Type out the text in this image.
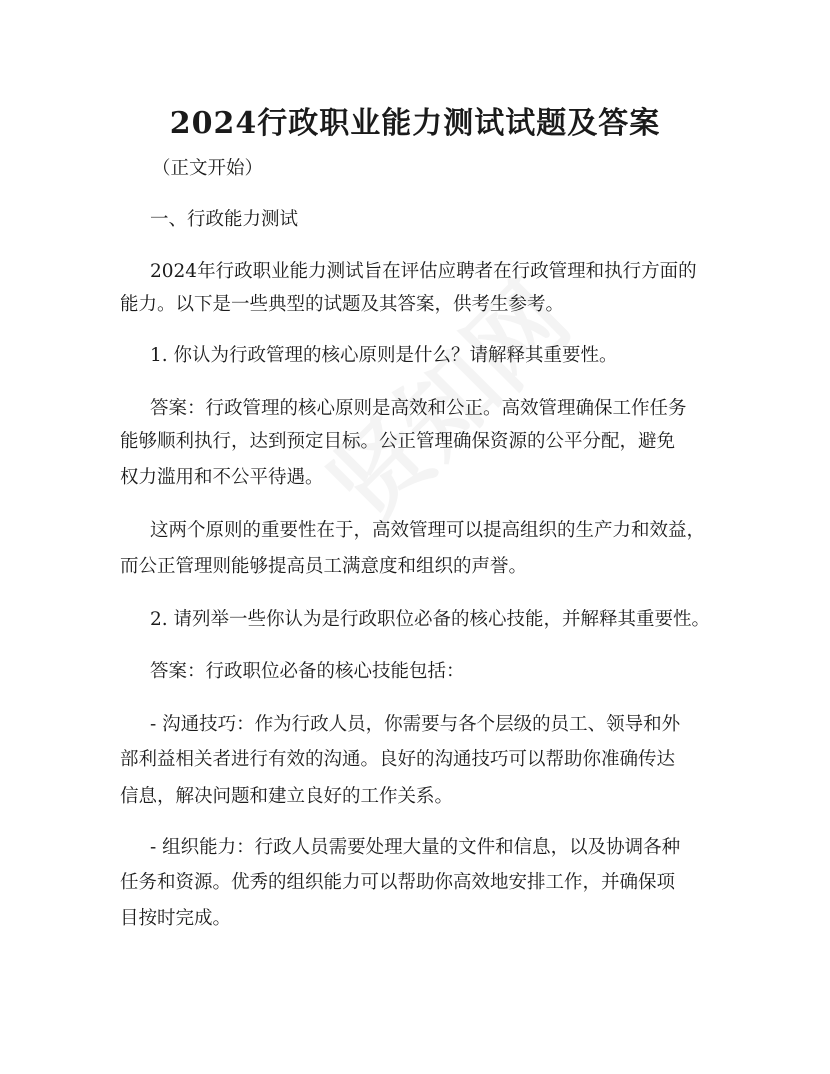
2024行政职业能力测试试题及答案

（正文开始）

一、行政能力测试

2024年行政职业能力测试旨在评估应聘者在行政管理和执行方面的

能力。以下是一些典型的试题及其答案，供考生参考。

1. 你认为行政管理的核心原则是什么？请解释其重要性。

答案：行政管理的核心原则是高效和公正。高效管理确保工作任务

能够顺利执行，达到预定目标。公正管理确保资源的公平分配，避免

权力滥用和不公平待遇。

这两个原则的重要性在于，高效管理可以提高组织的生产力和效益，

而公正管理则能够提高员工满意度和组织的声誉。

2. 请列举一些你认为是行政职位必备的核心技能，并解释其重要性。

答案：行政职位必备的核心技能包括：

- 沟通技巧：作为行政人员，你需要与各个层级的员工、领导和外

部利益相关者进行有效的沟通。良好的沟通技巧可以帮助你准确传达

信息，解决问题和建立良好的工作关系。

- 组织能力：行政人员需要处理大量的文件和信息，以及协调各种

任务和资源。优秀的组织能力可以帮助你高效地安排工作，并确保项

目按时完成。
